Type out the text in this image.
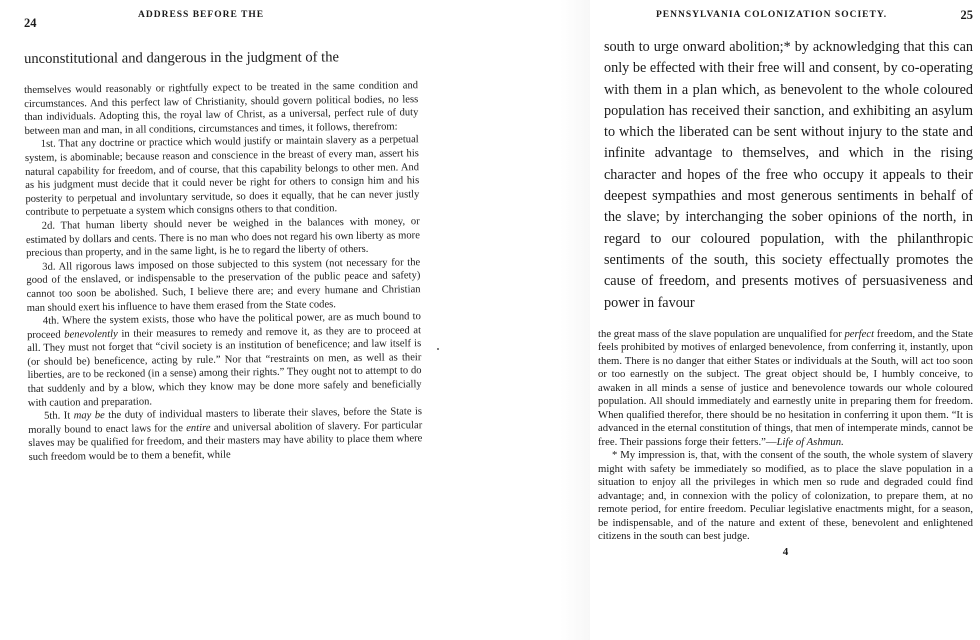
24
ADDRESS BEFORE THE
unconstitutional and dangerous in the judgment of the

themselves would reasonably or rightfully expect to be treated in the same condition and circumstances. And this perfect law of Christianity, should govern political bodies, no less than individuals. Adopting this, the royal law of Christ, as a universal, perfect rule of duty between man and man, in all conditions, circumstances and times, it follows, therefrom:

1st. That any doctrine or practice which would justify or maintain slavery as a perpetual system, is abominable; because reason and conscience in the breast of every man, assert his natural capability for freedom, and of course, that this capability belongs to other men. And as his judgment must decide that it could never be right for others to consign him and his posterity to perpetual and involuntary servitude, so does it equally, that he can never justly contribute to perpetuate a system which consigns others to that condition.

2d. That human liberty should never be weighed in the balances with money, or estimated by dollars and cents. There is no man who does not regard his own liberty as more precious than property, and in the same light, is he to regard the liberty of others.

3d. All rigorous laws imposed on those subjected to this system (not necessary for the good of the enslaved, or indispensable to the preservation of the public peace and safety) cannot too soon be abolished. Such, I believe there are; and every humane and Christian man should exert his influence to have them erased from the State codes.

4th. Where the system exists, those who have the political power, are as much bound to proceed benevolently in their measures to remedy and remove it, as they are to proceed at all. They must not forget that “civil society is an institution of beneficence; and law itself is (or should be) beneficence, acting by rule.” Nor that “restraints on men, as well as their liberties, are to be reckoned (in a sense) among their rights.” They ought not to attempt to do that suddenly and by a blow, which they know may be done more safely and beneficially with caution and preparation.

5th. It may be the duty of individual masters to liberate their slaves, before the State is morally bound to enact laws for the entire and universal abolition of slavery. For particular slaves may be qualified for freedom, and their masters may have ability to place them where such freedom would be to them a benefit, while

PENNSYLVANIA COLONIZATION SOCIETY.	25
south to urge onward abolition;* by acknowledging that this can only be effected with their free will and consent, by co-operating with them in a plan which, as benevolent to the whole coloured population has received their sanction, and exhibiting an asylum to which the liberated can be sent without injury to the state and infinite advantage to themselves, and which in the rising character and hopes of the free who occupy it appeals to their deepest sympathies and most generous sentiments in behalf of the slave; by interchanging the sober opinions of the north, in regard to our coloured population, with the philanthropic sentiments of the south, this society effectually promotes the cause of freedom, and presents motives of persuasiveness and power in favour

the great mass of the slave population are unqualified for perfect freedom, and the State feels prohibited by motives of enlarged benevolence, from conferring it, instantly, upon them. There is no danger that either States or individuals at the South, will act too soon or too earnestly on the subject. The great object should be, I humbly conceive, to awaken in all minds a sense of justice and benevolence towards our whole coloured population. All should immediately and earnestly unite in preparing them for freedom. When qualified therefor, there should be no hesitation in conferring it upon them. “It is advanced in the eternal constitution of things, that men of intemperate minds, cannot be free. Their passions forge their fetters.”—Life of Ashmun.

* My impression is, that, with the consent of the south, the whole system of slavery might with safety be immediately so modified, as to place the slave population in a situation to enjoy all the privileges in which men so rude and degraded could find advantage; and, in connexion with the policy of colonization, to prepare them, at no remote period, for entire freedom. Peculiar legislative enactments might, for a season, be indispensable, and of the nature and extent of these, benevolent and enlightened citizens in the south can best judge.

4
